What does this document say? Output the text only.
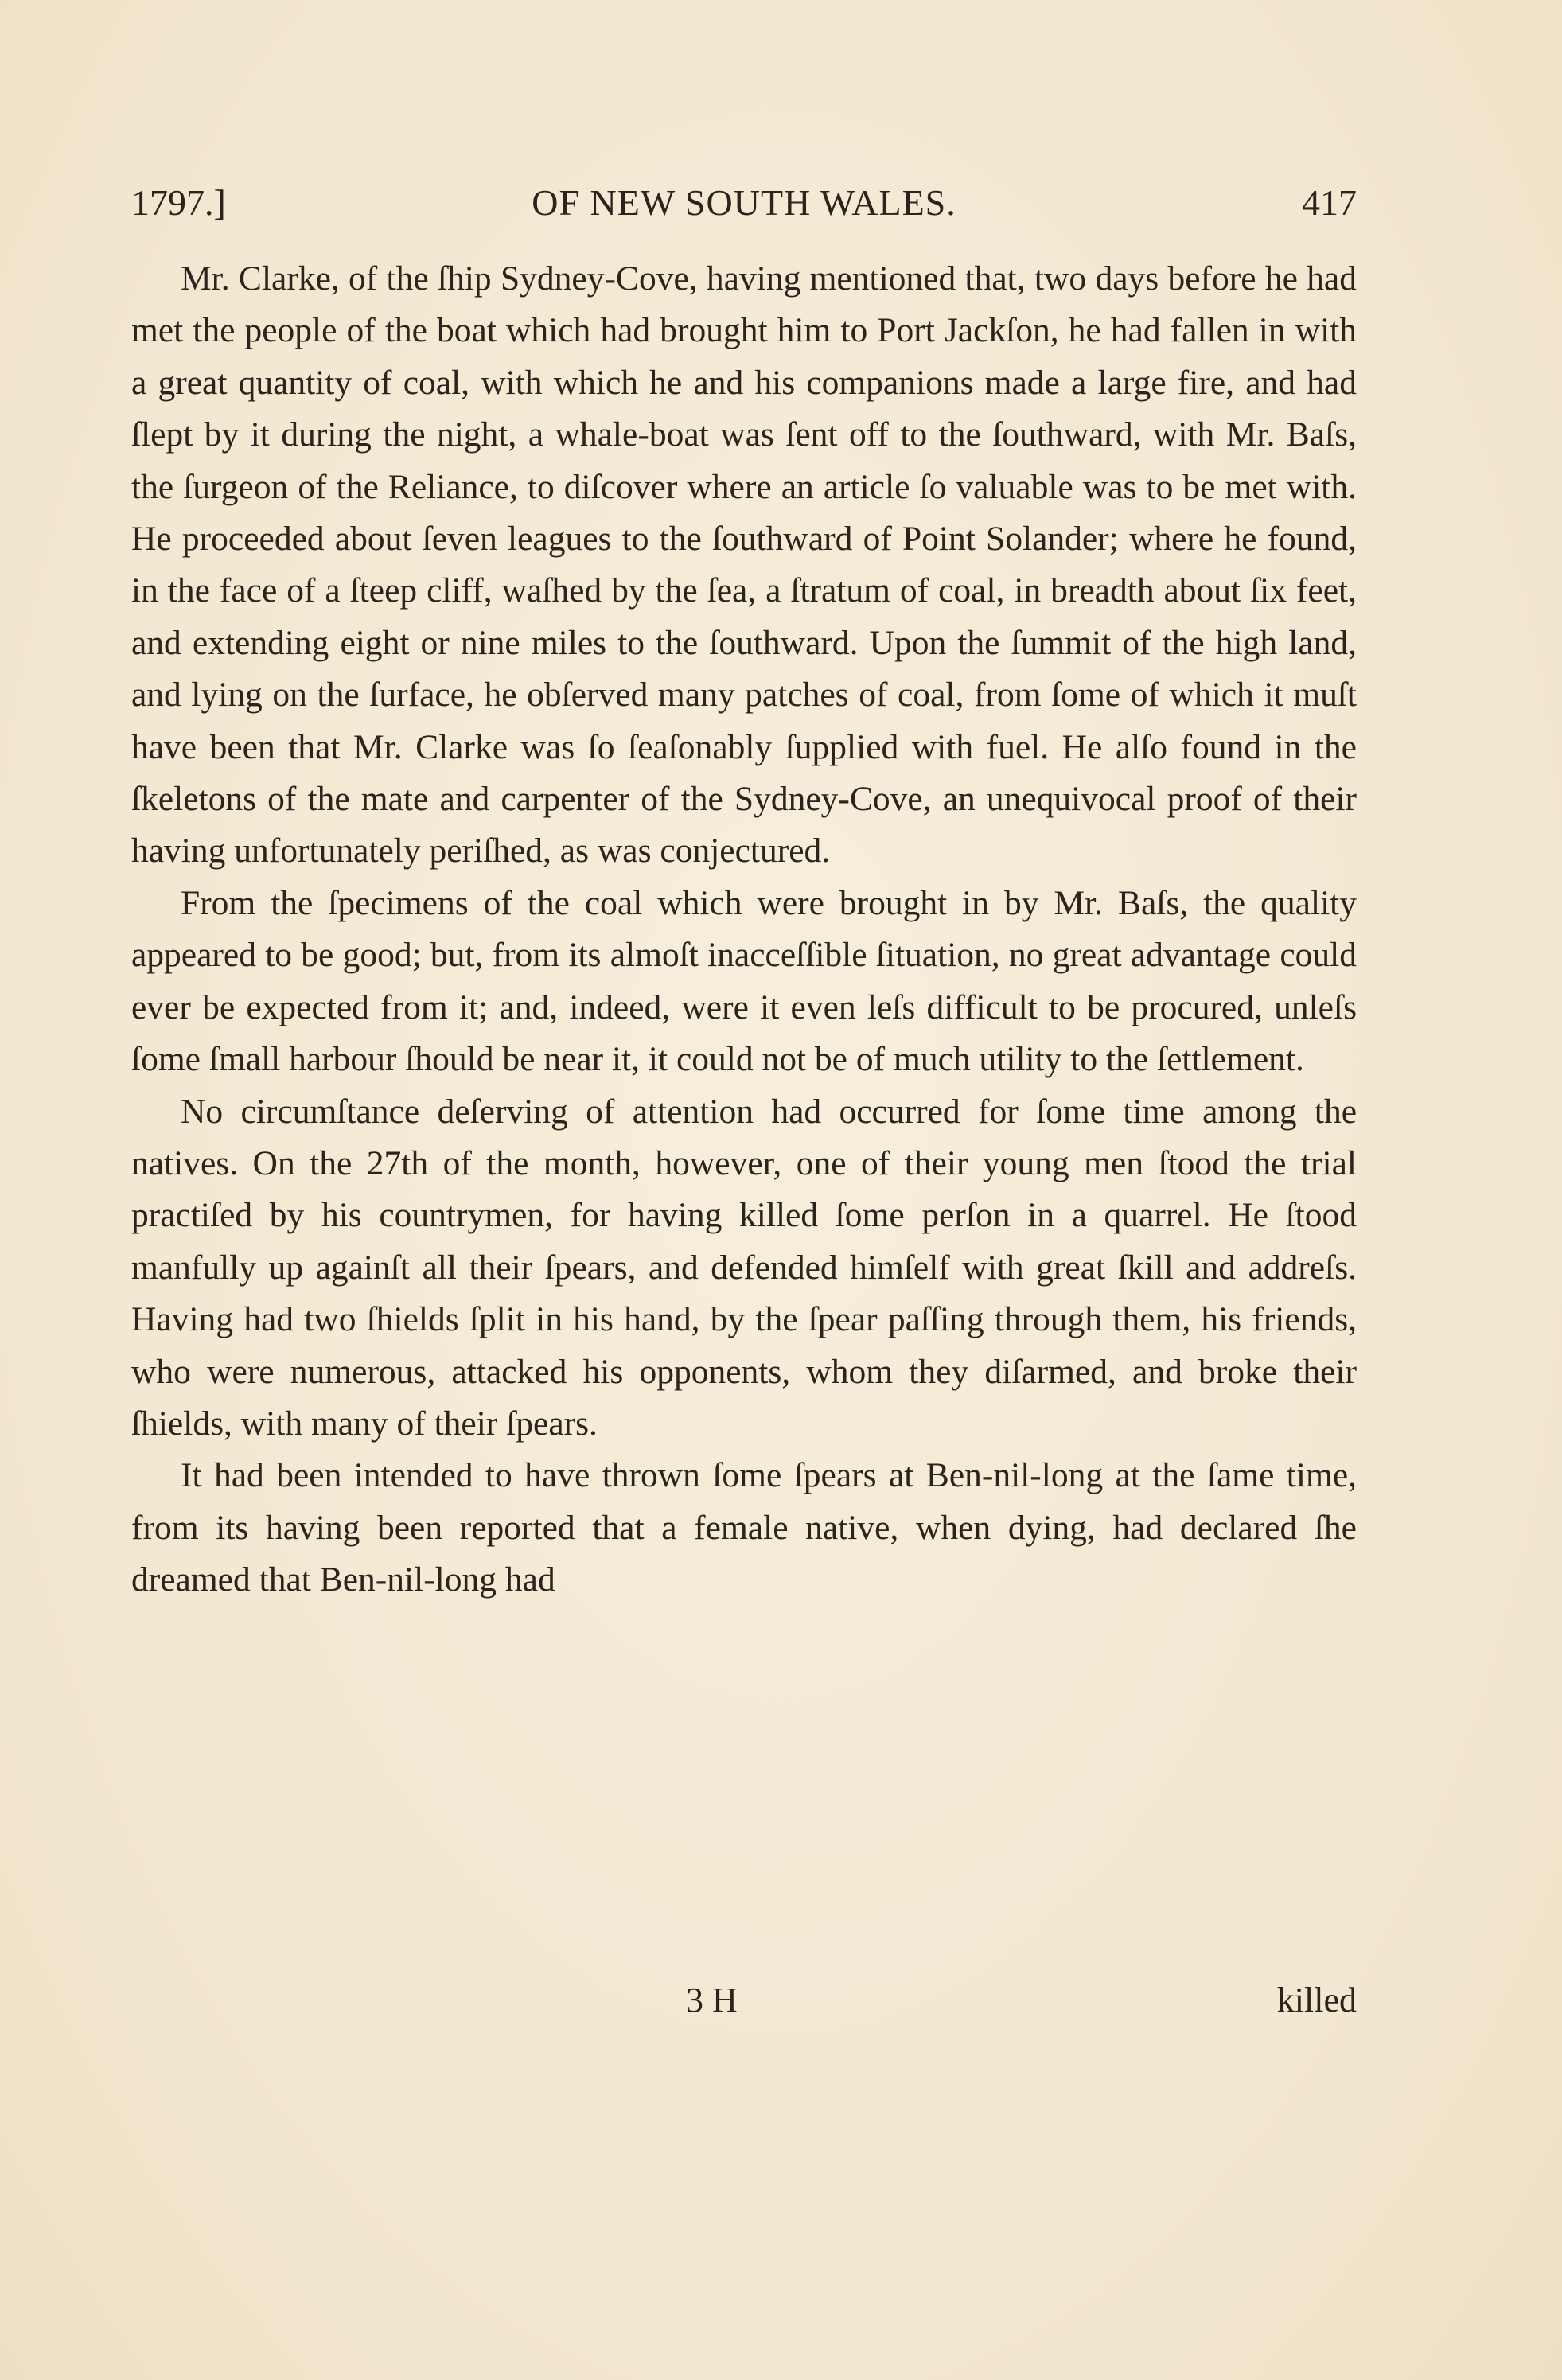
1797.]	OF NEW SOUTH WALES.	417

Mr. Clarke, of the ſhip Sydney-Cove, having mentioned that, two days before he had met the people of the boat which had brought him to Port Jackſon, he had fallen in with a great quantity of coal, with which he and his companions made a large fire, and had ſlept by it during the night, a whale-boat was ſent off to the ſouthward, with Mr. Baſs, the ſurgeon of the Reliance, to diſcover where an article ſo valuable was to be met with. He proceeded about ſeven leagues to the ſouthward of Point Solander; where he found, in the face of a ſteep cliff, waſhed by the ſea, a ſtratum of coal, in breadth about ſix feet, and extending eight or nine miles to the ſouthward. Upon the ſummit of the high land, and lying on the ſurface, he obſerved many patches of coal, from ſome of which it muſt have been that Mr. Clarke was ſo ſeaſonably ſupplied with fuel. He alſo found in the ſkeletons of the mate and carpenter of the Sydney-Cove, an unequivocal proof of their having unfortunately periſhed, as was conjectured.

From the ſpecimens of the coal which were brought in by Mr. Baſs, the quality appeared to be good; but, from its almoſt inacceſſible ſituation, no great advantage could ever be expected from it; and, indeed, were it even leſs difficult to be procured, unleſs ſome ſmall harbour ſhould be near it, it could not be of much utility to the ſettlement.

No circumſtance deſerving of attention had occurred for ſome time among the natives. On the 27th of the month, however, one of their young men ſtood the trial practiſed by his countrymen, for having killed ſome perſon in a quarrel. He ſtood manfully up againſt all their ſpears, and defended himſelf with great ſkill and addreſs. Having had two ſhields ſplit in his hand, by the ſpear paſſing through them, his friends, who were numerous, attacked his opponents, whom they diſarmed, and broke their ſhields, with many of their ſpears.

It had been intended to have thrown ſome ſpears at Ben-nil-long at the ſame time, from its having been reported that a female native, when dying, had declared ſhe dreamed that Ben-nil-long had

3 H	killed
